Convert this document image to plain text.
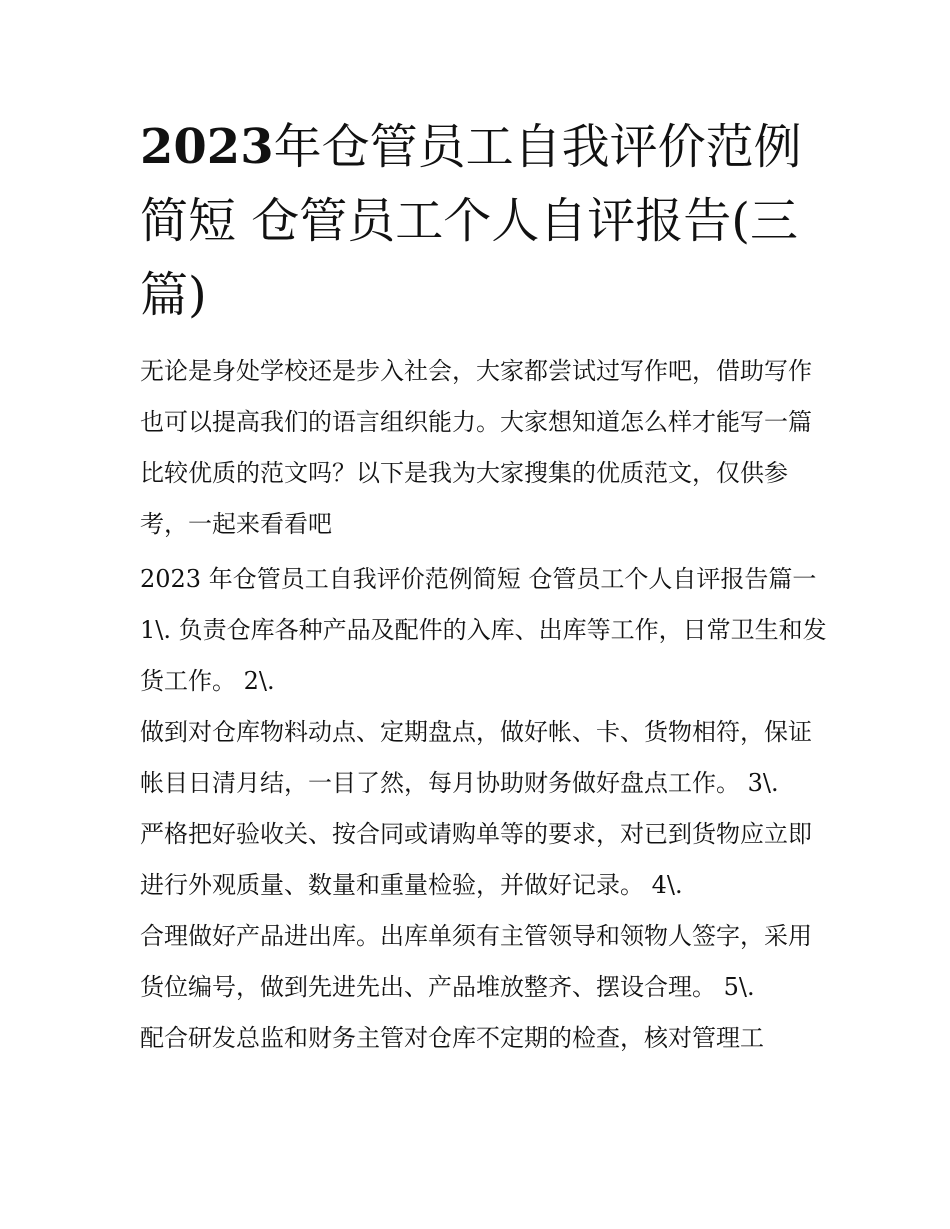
2023年仓管员工自我评价范例简短 仓管员工个人自评报告(三篇)

无论是身处学校还是步入社会，大家都尝试过写作吧，借助写作也可以提高我们的语言组织能力。大家想知道怎么样才能写一篇比较优质的范文吗？以下是我为大家搜集的优质范文，仅供参考，一起来看看吧

2023 年仓管员工自我评价范例简短 仓管员工个人自评报告篇一 1\. 负责仓库各种产品及配件的入库、出库等工作，日常卫生和发货工作。 2\.

做到对仓库物料动点、定期盘点，做好帐、卡、货物相符，保证帐目日清月结，一目了然，每月协助财务做好盘点工作。 3\.

严格把好验收关、按合同或请购单等的要求，对已到货物应立即进行外观质量、数量和重量检验，并做好记录。 4\.

合理做好产品进出库。出库单须有主管领导和领物人签字，采用货位编号，做到先进先出、产品堆放整齐、摆设合理。 5\.

配合研发总监和财务主管对仓库不定期的检查，核对管理工
